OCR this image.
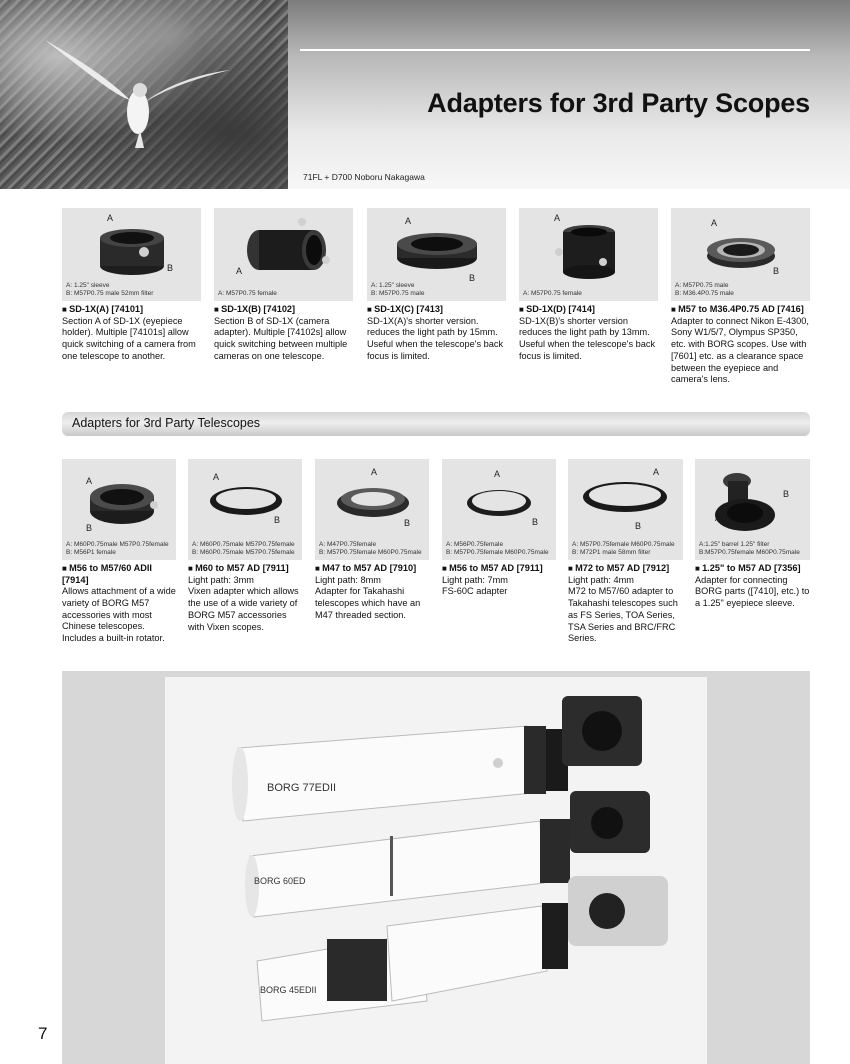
Adapters for 3rd Party Scopes
71FL + D700 Noboru Nakagawa
A
B
A: 1.25" sleeve
B: M57P0.75 male 52mm filter
■ SD-1X(A) [74101]
Section A of SD-1X (eyepiece holder). Multiple [74101s] allow quick switching of a camera from one telescope to another.
A
A: M57P0.75 female
■ SD-1X(B) [74102]
Section B of SD-1X (camera adapter). Multiple [74102s] allow quick switching between multiple cameras on one telescope.
A
B
A: 1.25" sleeve
B: M57P0.75 male
■ SD-1X(C) [7413]
SD-1X(A)'s shorter version. reduces the light path by 15mm. Useful when the telescope's back focus is limited.
A
A: M57P0.75 female
■ SD-1X(D) [7414]
SD-1X(B)'s shorter version reduces the light path by 13mm. Useful when the telescope's back focus is limited.
A
B
A: M57P0.75 male
B: M36.4P0.75 male
■ M57 to M36.4P0.75 AD [7416]
Adapter to connect Nikon E-4300, Sony W1/5/7, Olympus SP350, etc. with BORG scopes. Use with [7601] etc. as a clearance space between the eyepiece and camera's lens.
Adapters for 3rd Party Telescopes
A
B
A: M60P0.75male M57P0.75female
B: M56P1 female
■ M56 to M57/60 ADII [7914]
Allows attachment of a wide variety of BORG M57 accessories with most Chinese telescopes. Includes a built-in rotator.
A
B
A: M60P0.75male M57P0.75female
B: M60P0.75male M57P0.75female
■ M60 to M57 AD [7911]
Light path: 3mm
Vixen adapter which allows the use of a wide variety of BORG M57 accessories with Vixen scopes.
A
B
A: M47P0.75female
B: M57P0.75female M60P0.75male
■ M47 to M57 AD [7910]
Light path: 8mm
Adapter for Takahashi telescopes which have an M47 threaded section.
A
B
A: M56P0.75female
B: M57P0.75female M60P0.75male
■ M56 to M57 AD [7911]
Light path: 7mm
FS-60C adapter
A
B
A: M57P0.75female M60P0.75male
B: M72P1 male 58mm filter
■ M72 to M57 AD [7912]
Light path: 4mm
M72 to M57/60 adapter to Takahashi telescopes such as FS Series, TOA Series, TSA Series and BRC/FRC Series.
B
A:1.25" barrel 1.25" filter
B:M57P0.75female M60P0.75male
■ 1.25" to M57 AD [7356]
Adapter for connecting BORG parts ([7410], etc.) to a 1.25" eyepiece sleeve.
BORG 77EDII
BORG 60ED
BORG 45EDII
7
